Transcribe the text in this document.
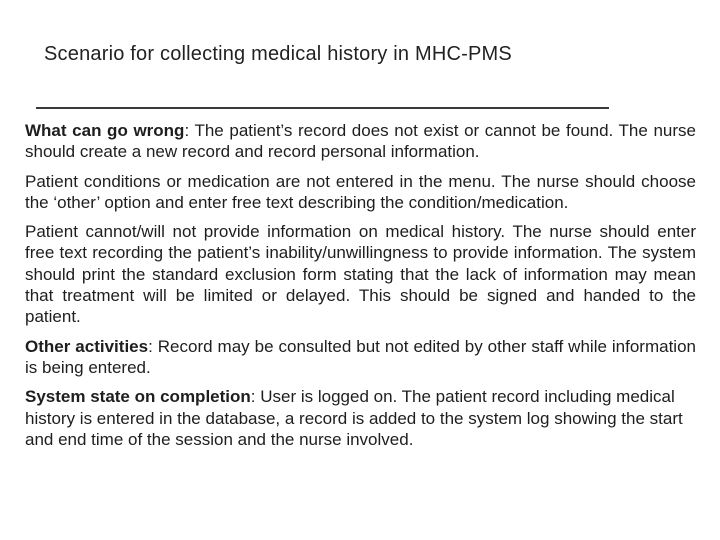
Scenario for collecting medical history in MHC-PMS

What can go wrong: The patient’s record does not exist or cannot be found. The nurse should create a new record and record personal information.

Patient conditions or medication are not entered in the menu. The nurse should choose the ‘other’ option and enter free text describing the condition/medication.

Patient cannot/will not provide information on medical history. The nurse should enter free text recording the patient’s inability/unwillingness to provide information. The system should print the standard exclusion form stating that the lack of information may mean that treatment will be limited or delayed. This should be signed and handed to the patient.

Other activities: Record may be consulted but not edited by other staff while information is being entered.

System state on completion: User is logged on. The patient record including medical history is entered in the database, a record is added to the system log showing the start and end time of the session and the nurse involved.
